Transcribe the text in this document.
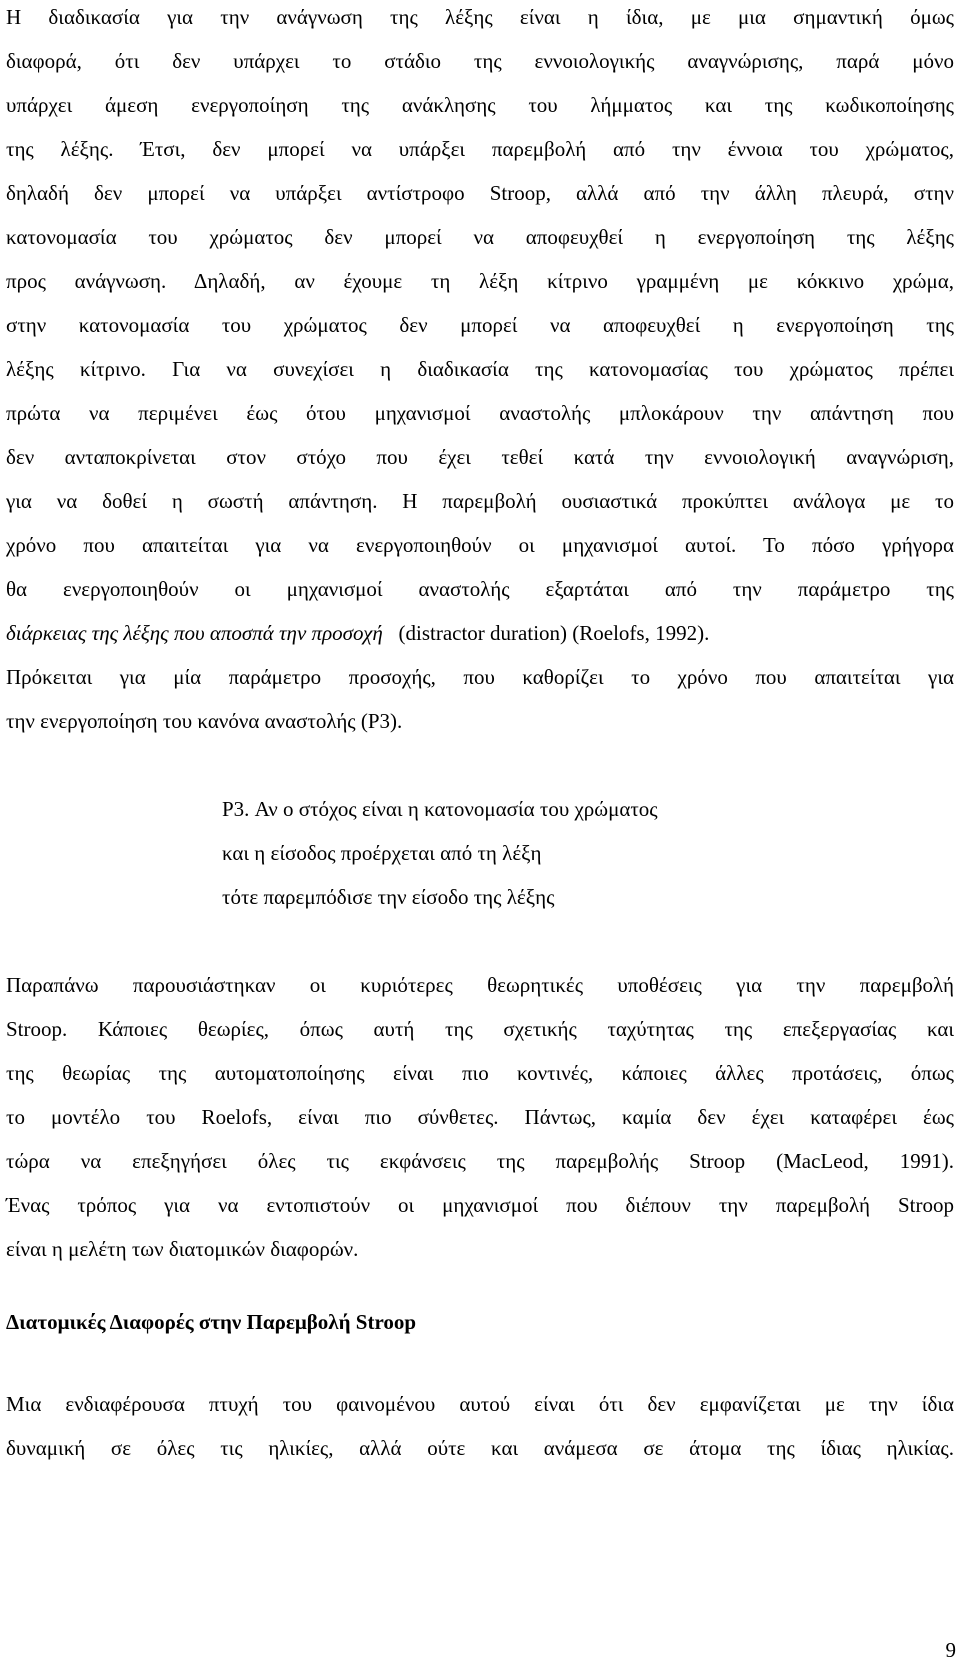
Η διαδικασία για την ανάγνωση της λέξης είναι η ίδια, με μια σημαντική όμως
διαφορά, ότι δεν υπάρχει το στάδιο της εννοιολογικής αναγνώρισης, παρά μόνο
υπάρχει άμεση ενεργοποίηση της ανάκλησης του λήμματος και της κωδικοποίησης
της λέξης. Έτσι, δεν μπορεί να υπάρξει παρεμβολή από την έννοια του χρώματος,
δηλαδή δεν μπορεί να υπάρξει αντίστροφο Stroop, αλλά από την άλλη πλευρά, στην
κατονομασία του χρώματος δεν μπορεί να αποφευχθεί η ενεργοποίηση της λέξης
προς ανάγνωση. Δηλαδή, αν έχουμε τη λέξη κίτρινο γραμμένη με κόκκινο χρώμα,
στην κατονομασία του χρώματος δεν μπορεί να αποφευχθεί η ενεργοποίηση της
λέξης κίτρινο. Για να συνεχίσει η διαδικασία της κατονομασίας του χρώματος πρέπει
πρώτα να περιμένει έως ότου μηχανισμοί αναστολής μπλοκάρουν την απάντηση που
δεν ανταποκρίνεται στον στόχο που έχει τεθεί κατά την εννοιολογική αναγνώριση,
για να δοθεί η σωστή απάντηση. Η παρεμβολή ουσιαστικά προκύπτει ανάλογα με το
χρόνο που απαιτείται για να ενεργοποιηθούν οι μηχανισμοί αυτοί. Το πόσο γρήγορα
θα ενεργοποιηθούν οι μηχανισμοί αναστολής εξαρτάται από την παράμετρο της
διάρκειας της λέξης που αποσπά την προσοχή (distractor duration) (Roelofs, 1992).
Πρόκειται για μία παράμετρο προσοχής, που καθορίζει το χρόνο που απαιτείται για
την ενεργοποίηση του κανόνα αναστολής (P3).
P3. Αν ο στόχος είναι η κατονομασία του χρώματος
και η είσοδος προέρχεται από τη λέξη
τότε παρεμπόδισε την είσοδο της λέξης
Παραπάνω παρουσιάστηκαν οι κυριότερες θεωρητικές υποθέσεις για την παρεμβολή
Stroop. Κάποιες θεωρίες, όπως αυτή της σχετικής ταχύτητας της επεξεργασίας και
της θεωρίας της αυτοματοποίησης είναι πιο κοντινές, κάποιες άλλες προτάσεις, όπως
το μοντέλο του Roelofs, είναι πιο σύνθετες. Πάντως, καμία δεν έχει καταφέρει έως
τώρα να επεξηγήσει όλες τις εκφάνσεις της παρεμβολής Stroop (MacLeod, 1991).
Ένας τρόπος για να εντοπιστούν οι μηχανισμοί που διέπουν την παρεμβολή Stroop
είναι η μελέτη των διατομικών διαφορών.
Διατομικές Διαφορές στην Παρεμβολή Stroop
Μια ενδιαφέρουσα πτυχή του φαινομένου αυτού είναι ότι δεν εμφανίζεται με την ίδια
δυναμική σε όλες τις ηλικίες, αλλά ούτε και ανάμεσα σε άτομα της ίδιας ηλικίας.
9
